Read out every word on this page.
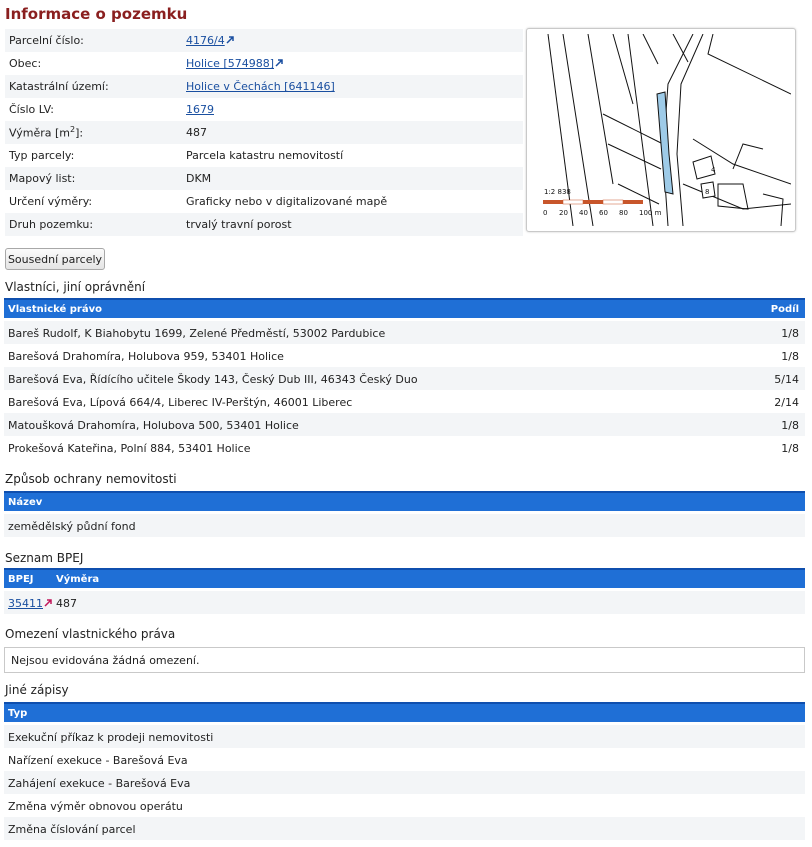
Informace o pozemku
Parcelní číslo:	4176/4
Obec:	Holice [574988]
Katastrální území:	Holice v Čechách [641146]
Číslo LV:	1679
Výměra $[m^2]$:	487
Typ parcely:	Parcela katastru nemovitostí
Mapový list:	DKM
Určení výměry:	Graficky nebo v digitalizované mapě
Druh pozemku:	trvalý travní porost
1:2 838
0 20 40 60 80 100 m
8
4
Sousední parcely
Vlastníci, jiní oprávnění
Vlastnické právo	Podíl
Bareš Rudolf, K Biahobytu 1699, Zelené Předměstí, 53002 Pardubice	1/8
Barešová Drahomíra, Holubova 959, 53401 Holice	1/8
Barešová Eva, Řídícího učitele Škody 143, Český Dub III, 46343 Český Duo	5/14
Barešová Eva, Lípová 664/4, Liberec IV-Perštýn, 46001 Liberec	2/14
Matoušková Drahomíra, Holubova 500, 53401 Holice	1/8
Prokešová Kateřina, Polní 884, 53401 Holice	1/8
Způsob ochrany nemovitosti
Název
zemědělský půdní fond
Seznam BPEJ
BPEJ Výměra
35411	487
Omezení vlastnického práva
Nejsou evidována žádná omezení.
Jiné zápisy
Typ
Exekuční příkaz k prodeji nemovitosti
Nařízení exekuce - Barešová Eva
Zahájení exekuce - Barešová Eva
Změna výměr obnovou operátu
Změna číslování parcel
